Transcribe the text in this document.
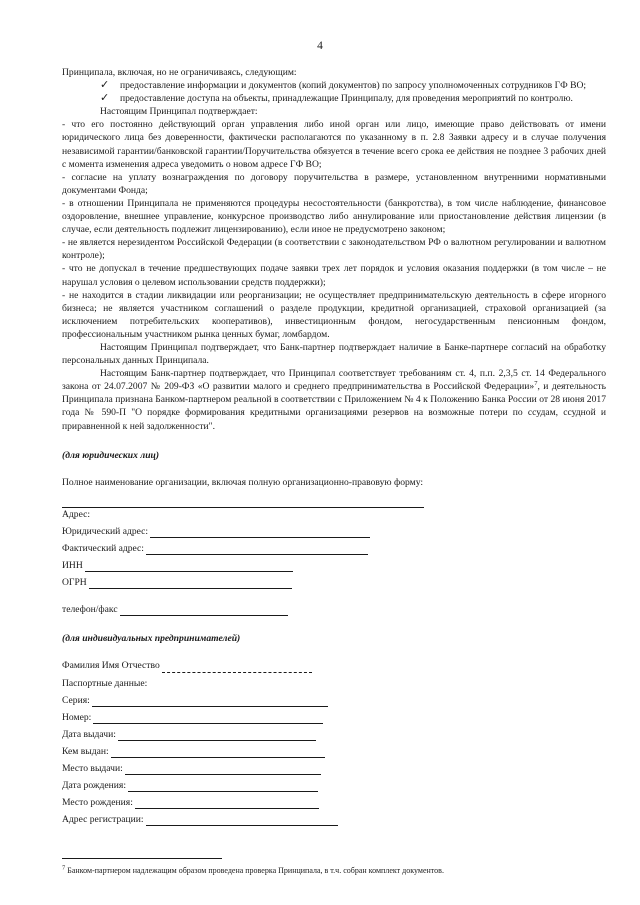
4

Принципала, включая, но не ограничиваясь, следующим:

✓ предоставление информации и документов (копий документов) по запросу уполномоченных сотрудников ГФ ВО;
✓ предоставление доступа на объекты, принадлежащие Принципалу, для проведения мероприятий по контролю.

Настоящим Принципал подтверждает:

- что его постоянно действующий орган управления либо иной орган или лицо, имеющие право действовать от имени юридического лица без доверенности, фактически располагаются по указанному в п. 2.8 Заявки адресу и в случае получения независимой гарантии/банковской гарантии/Поручительства обязуется в течение всего срока ее действия не позднее 3 рабочих дней с момента изменения адреса уведомить о новом адресе ГФ ВО;

- согласие на уплату вознаграждения по договору поручительства в размере, установленном внутренними нормативными документами Фонда;

- в отношении Принципала не применяются процедуры несостоятельности (банкротства), в том числе наблюдение, финансовое оздоровление, внешнее управление, конкурсное производство либо аннулирование или приостановление действия лицензии (в случае, если деятельность подлежит лицензированию), если иное не предусмотрено законом;

- не является нерезидентом Российской Федерации (в соответствии с законодательством РФ о валютном регулировании и валютном контроле);

- что не допускал в течение предшествующих подаче заявки трех лет порядок и условия оказания поддержки (в том числе – не нарушал условия о целевом использовании средств поддержки);

- не находится в стадии ликвидации или реорганизации; не осуществляет предпринимательскую деятельность в сфере игорного бизнеса; не является участником соглашений о разделе продукции, кредитной организацией, страховой организацией (за исключением потребительских кооперативов), инвестиционным фондом, негосударственным пенсионным фондом, профессиональным участником рынка ценных бумаг, ломбардом.

Настоящим Принципал подтверждает, что Банк-партнер подтверждает наличие в Банке-партнере согласий на обработку персональных данных Принципала.

Настоящим Банк-партнер подтверждает, что Принципал соответствует требованиям ст. 4, п.п. 2,3,5 ст. 14 Федерального закона от 24.07.2007 № 209-ФЗ «О развитии малого и среднего предпринимательства в Российской Федерации»$^7$, и деятельность Принципала признана Банком-партнером реальной в соответствии с Приложением № 4 к Положению Банка России от 28 июня 2017 года № 590-П "О порядке формирования кредитными организациями резервов на возможные потери по ссудам, ссудной и приравненной к ней задолженности".

(для юридических лиц)

Полное наименование организации, включая полную организационно-правовую форму:

Адрес:

Юридический адрес:
Фактический адрес:
ИНН
ОГРН
телефон/факс

(для индивидуальных предпринимателей)

Фамилия Имя Отчество

Паспортные данные:

Серия:
Номер:
Дата выдачи:
Кем выдан:
Место выдачи:
Дата рождения:
Место рождения:
Адрес регистрации:
$^7$ Банком-партнером надлежащим образом проведена проверка Принципала, в т.ч. собран комплект документов.
